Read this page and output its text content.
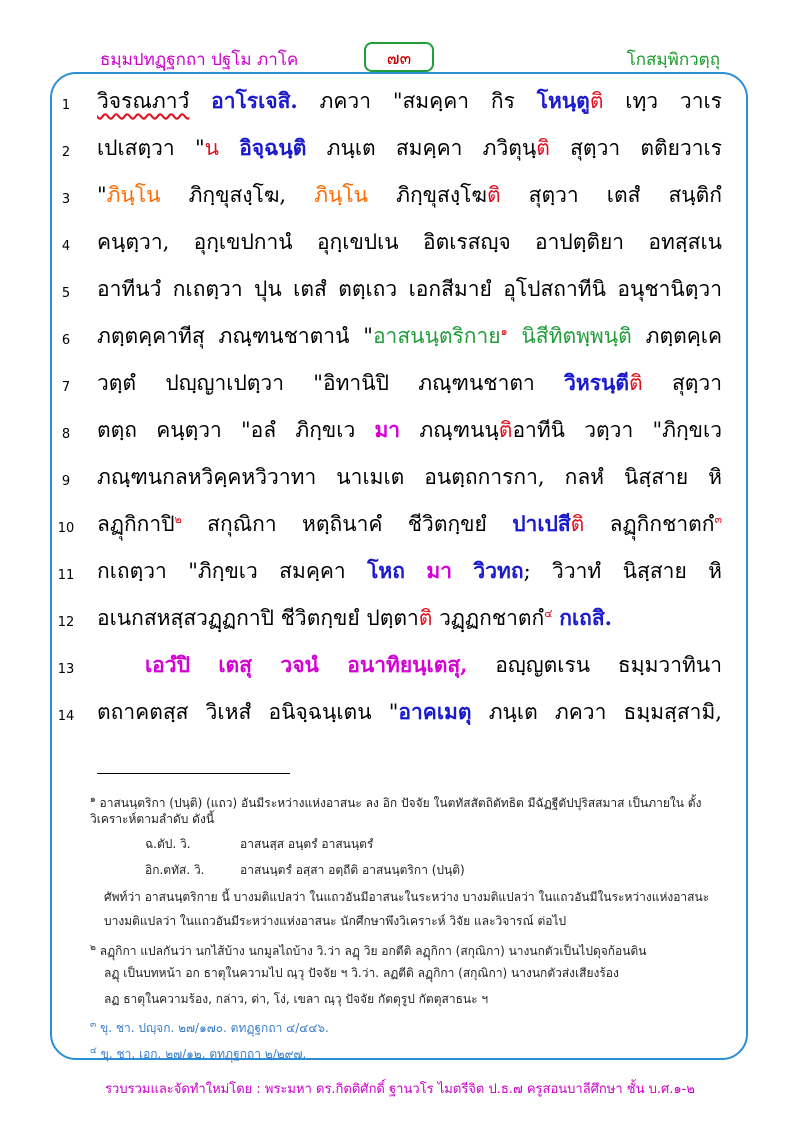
ธมฺมปทฏฺฐกถา ปฐโม ภาโค	๗๓	โกสมฺพิกวตฺถุ
1	วิจรณภาวํ อาโรเจสิ. ภควา "สมคฺคา กิร โหนฺตูติ เทฺว วาเร
2	เปเสตฺวา "น อิจฺฉนฺติ ภนฺเต สมคฺคา ภวิตุนฺติ สุตฺวา ตติยวาเร
3	"ภินฺโน ภิกฺขุสงฺโฆ, ภินฺโน ภิกฺขุสงฺโฆติ สุตฺวา เตสํ สนฺติกํ
4	คนฺตฺวา, อุกฺเขปกานํ อุกฺเขปเน อิตเรสญฺจ อาปตฺติยา อทสฺสเน
5	อาทีนวํ กเถตฺวา ปุน เตสํ ตตฺเถว เอกสีมายํ อุโปสถาทีนิ อนุชานิตฺวา
6	ภตฺตคฺคาทีสุ ภณฺฑนชาตานํ "อาสนนฺตริกาย$^๑$ นิสีทิตพฺพนฺติ ภตฺตคฺเค
7	วตฺตํ ปญฺญาเปตฺวา "อิทานิปิ ภณฺฑนชาตา วิหรนฺตีติ สุตฺวา
8	ตตฺถ คนฺตฺวา "อลํ ภิกฺขเว มา ภณฺฑนนฺติอาทีนิ วตฺวา "ภิกฺขเว
9	ภณฺฑนกลหวิคฺคหวิวาทา นาเมเต อนตฺถการกา, กลหํ นิสฺสาย หิ
10 ลฏุกิกาปิ$^๒$ สกุณิกา หตฺถินาคํ ชีวิตกฺขยํ ปาเปสีติ ลฏุกิกชาตกํ$^๓$
11 กเถตฺวา "ภิกฺขเว สมคฺคา โหถ มา วิวทถ; วิวาทํ นิสฺสาย หิ
12 อเนกสหสฺสวฏฺฏกาปิ ชีวิตกฺขยํ ปตฺตาติ วฏฺฏกชาตกํ$^๔$ กเถสิ.
13	เอวํปิ เตสุ วจนํ อนาทิยนฺเตสุ, อญฺญตเรน ธมฺมวาทินา
14 ตถาคตสฺส วิเหสํ อนิจฺฉนฺเตน "อาคเมตุ ภนฺเต ภควา ธมฺมสฺสามิ,
$^๑$ อาสนนฺตริกา (ปนฺติ) (แถว) อันมีระหว่างแห่งอาสนะ ลง อิก ปัจจัย ในตทัสสัตถิตัทธิต มีฉัฏฐีตัปปุริสสมาส เป็นภายใน ตั้งวิเคราะห์ตามลำดับ ดังนี้
ฉ.ตัป. วิ.	อาสนสฺส อนฺตรํ อาสนนฺตรํ
อิก.ตทัส. วิ.	อาสนนฺตรํ อสฺสา อตฺถีติ อาสนนฺตริกา (ปนฺติ)
ศัพท์ว่า อาสนนฺตริกาย นี้ บางมติแปลว่า ในแถวอันมีอาสนะในระหว่าง บางมติแปลว่า ในแถวอันมีในระหว่างแห่งอาสนะ
บางมติแปลว่า ในแถวอันมีระหว่างแห่งอาสนะ นักศึกษาพึงวิเคราะห์ วิจัย และวิจารณ์ ต่อไป
$^๒$ ลฏุกิกา แปลกันว่า นกไส้บ้าง นกมูลไถบ้าง วิ.ว่า ลฏุ วิย อกตีติ ลฏุกิกา (สกุณิกา) นางนกตัวเป็นไปดุจก้อนดิน
ลฏุ เป็นบทหน้า อก ธาตุในความไป ณฺวุ ปัจจัย ฯ วิ.ว่า. ลฏตีติ ลฏุกิกา (สกุณิกา) นางนกตัวส่งเสียงร้อง
ลฏ ธาตุในความร้อง, กล่าว, ด่า, โง่, เขลา ณฺวุ ปัจจัย กัตตุรูป กัตตุสาธนะ ฯ
$^๓$ ขุ. ชา. ปญฺจก. ๒๗/๑๗๐. ตทฏฺฐกถา ๔/๔๔๖.
$^๔$ ขุ. ชา. เอก. ๒๗/๑๒. ตทฏฺฐกถา ๒/๒๙๗.
รวบรวมและจัดทำใหม่โดย : พระมหา ดร.กิตติศักดิ์ ฐานวโร ไมตรีจิต ป.ธ.๗ ครูสอนบาลีศึกษา ชั้น บ.ศ.๑-๒
